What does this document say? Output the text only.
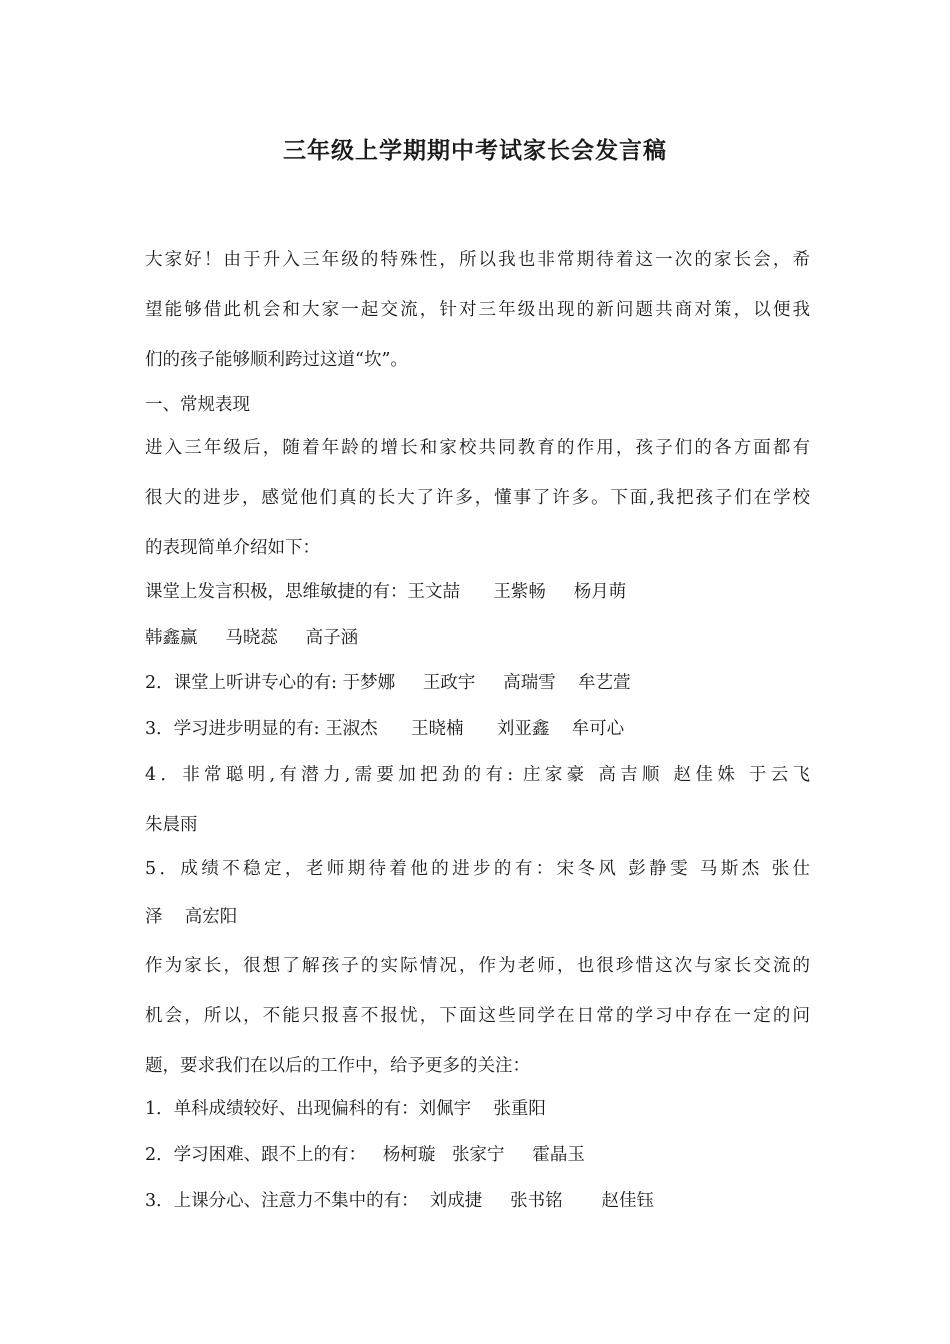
三年级上学期期中考试家长会发言稿
大家好！由于升入三年级的特殊性，所以我也非常期待着这一次的家长会，希
望能够借此机会和大家一起交流，针对三年级出现的新问题共商对策，以便我
们的孩子能够顺利跨过这道“坎”。
一、常规表现
进入三年级后，随着年龄的增长和家校共同教育的作用，孩子们的各方面都有
很大的进步，感觉他们真的长大了许多，懂事了许多。下面,我把孩子们在学校
的表现简单介绍如下：
课堂上发言积极，思维敏捷的有：王文喆      王紫畅     杨月萌
韩鑫赢     马晓蕊     高子涵
2．课堂上听讲专心的有: 于梦娜     王政宇     高瑞雪    牟艺萱
3．学习进步明显的有: 王淑杰      王晓楠      刘亚鑫    牟可心
4．非常聪明,有潜力,需要加把劲的有: 庄家豪 高吉顺 赵佳姝 于云飞
朱晨雨
5．成绩不稳定，老师期待着他的进步的有：宋冬风 彭静雯 马斯杰 张仕
泽    高宏阳
作为家长，很想了解孩子的实际情况，作为老师，也很珍惜这次与家长交流的
机会，所以，不能只报喜不报忧，下面这些同学在日常的学习中存在一定的问
题，要求我们在以后的工作中，给予更多的关注：
1．单科成绩较好、出现偏科的有：刘佩宇    张重阳
2．学习困难、跟不上的有：   杨柯璇   张家宁     霍晶玉
3．上课分心、注意力不集中的有：  刘成捷     张书铭       赵佳钰
